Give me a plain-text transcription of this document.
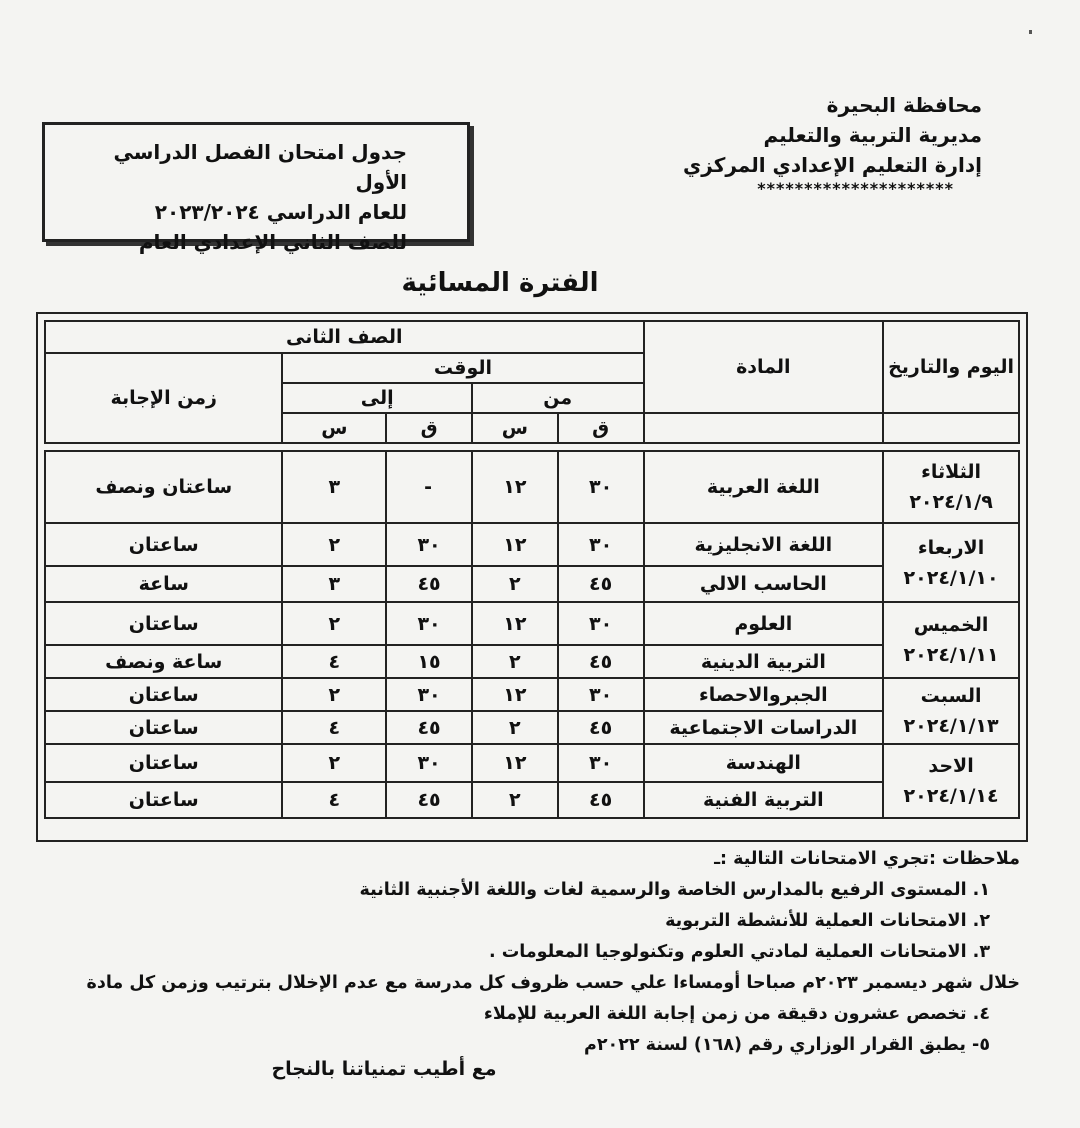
محافظة البحيرة
مديرية التربية والتعليم
إدارة التعليم الإعدادي المركزي
*********************
جدول امتحان الفصل الدراسي الأول
للعام الدراسي ٢٠٢٣/٢٠٢٤
للصف الثاني الإعدادي العام
الفترة المسائية
اليوم والتاريخ	المادة	الصف الثانى				
		الوقت				زمن الإجابة
		من		إلى		
		ق	س	ق	س	

الثلاثاء
٢٠٢٤/١/٩	اللغة العربية	٣٠	١٢	-	٣	ساعتان ونصف

الاربعاء
٢٠٢٤/١/١٠	اللغة الانجليزية	٣٠	١٢	٣٠	٢	ساعتان
	الحاسب الالي	٤٥	٢	٤٥	٣	ساعة

الخميس
٢٠٢٤/١/١١	العلوم	٣٠	١٢	٣٠	٢	ساعتان
	التربية الدينية	٤٥	٢	١٥	٤	ساعة ونصف

السبت
٢٠٢٤/١/١٣	الجبروالاحصاء	٣٠	١٢	٣٠	٢	ساعتان
	الدراسات الاجتماعية	٤٥	٢	٤٥	٤	ساعتان

الاحد
٢٠٢٤/١/١٤	الهندسة	٣٠	١٢	٣٠	٢	ساعتان
	التربية الفنية	٤٥	٢	٤٥	٤	ساعتان
ملاحظات :تجري الامتحانات التالية :ـ
١. المستوى الرفيع بالمدارس الخاصة والرسمية لغات واللغة الأجنبية الثانية
٢. الامتحانات العملية للأنشطة التربوية
٣. الامتحانات العملية لمادتي العلوم وتكنولوجيا المعلومات .
خلال شهر ديسمبر ٢٠٢٣م صباحا أومساءا علي حسب ظروف كل مدرسة مع عدم الإخلال بترتيب وزمن كل مادة
٤. تخصص عشرون دقيقة من زمن إجابة اللغة العربية للإملاء
٥- يطبق القرار الوزاري رقم (١٦٨) لسنة ٢٠٢٢م
مع أطيب تمنياتنا بالنجاح
